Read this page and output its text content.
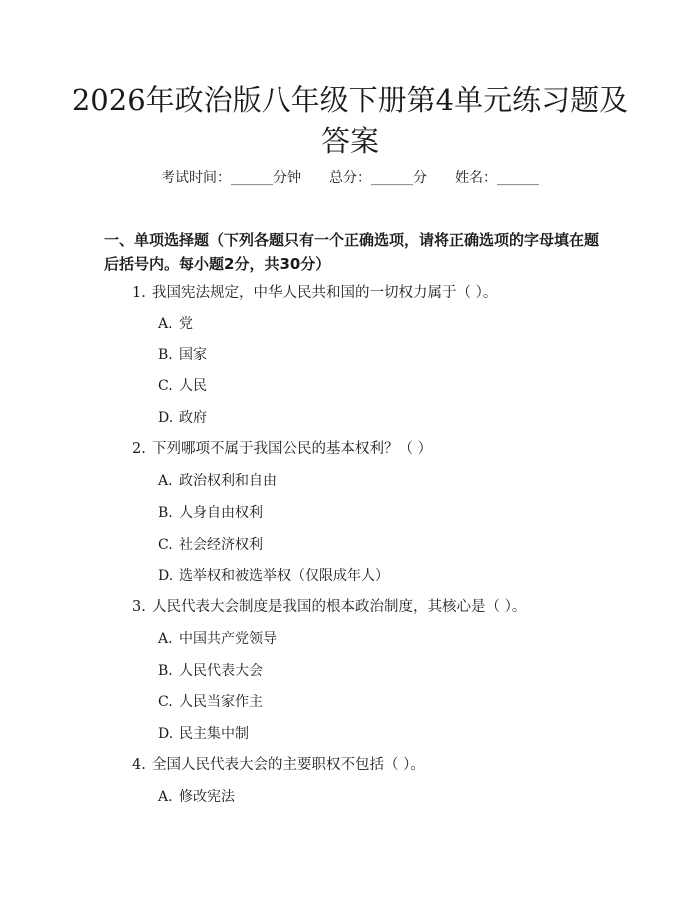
2026年政治版八年级下册第4单元练习题及答案
考试时间：______分钟 总分：______分 姓名：______
一、单项选择题（下列各题只有一个正确选项，请将正确选项的字母填在题后括号内。每小题2分，共30分）
1. 我国宪法规定，中华人民共和国的一切权力属于（ ）。
A. 党
B. 国家
C. 人民
D. 政府
2. 下列哪项不属于我国公民的基本权利？（ ）
A. 政治权利和自由
B. 人身自由权利
C. 社会经济权利
D. 选举权和被选举权（仅限成年人）
3. 人民代表大会制度是我国的根本政治制度，其核心是（ ）。
A. 中国共产党领导
B. 人民代表大会
C. 人民当家作主
D. 民主集中制
4. 全国人民代表大会的主要职权不包括（ ）。
A. 修改宪法
